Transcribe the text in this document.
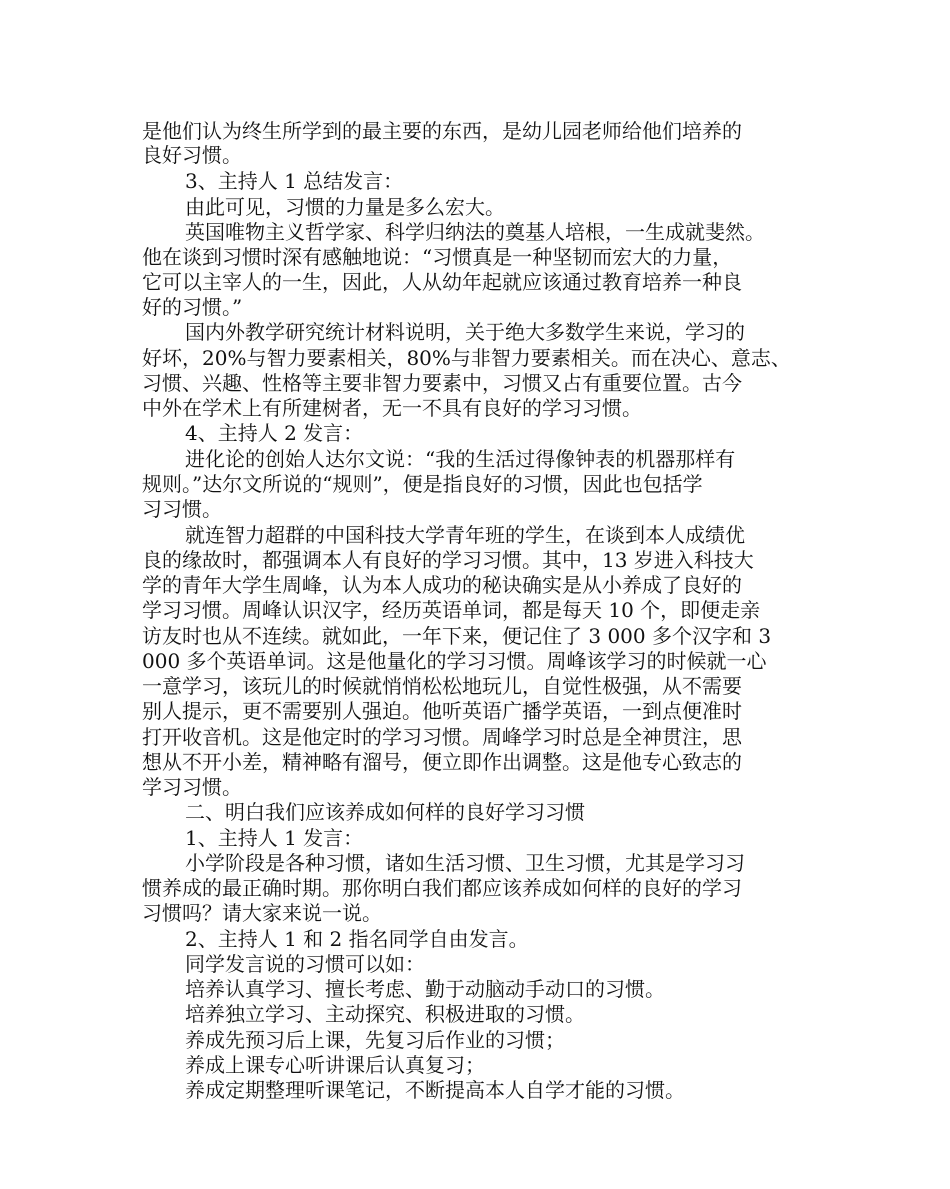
是他们认为终生所学到的最主要的东西，是幼儿园老师给他们培养的
良好习惯。
3、主持人 1 总结发言：
由此可见，习惯的力量是多么宏大。
英国唯物主义哲学家、科学归纳法的奠基人培根，一生成就斐然。
他在谈到习惯时深有感触地说：“习惯真是一种坚韧而宏大的力量，
它可以主宰人的一生，因此，人从幼年起就应该通过教育培养一种良
好的习惯。”
国内外教学研究统计材料说明，关于绝大多数学生来说，学习的
好坏，20%与智力要素相关，80%与非智力要素相关。而在决心、意志、
习惯、兴趣、性格等主要非智力要素中，习惯又占有重要位置。古今
中外在学术上有所建树者，无一不具有良好的学习习惯。
4、主持人 2 发言：
进化论的创始人达尔文说：“我的生活过得像钟表的机器那样有
规则。”达尔文所说的“规则”，便是指良好的习惯，因此也包括学
习习惯。
就连智力超群的中国科技大学青年班的学生，在谈到本人成绩优
良的缘故时，都强调本人有良好的学习习惯。其中，13 岁进入科技大
学的青年大学生周峰，认为本人成功的秘诀确实是从小养成了良好的
学习习惯。周峰认识汉字，经历英语单词，都是每天 10 个，即便走亲
访友时也从不连续。就如此，一年下来，便记住了 3 000 多个汉字和 3
000 多个英语单词。这是他量化的学习习惯。周峰该学习的时候就一心
一意学习，该玩儿的时候就悄悄松松地玩儿，自觉性极强，从不需要
别人提示，更不需要别人强迫。他听英语广播学英语，一到点便准时
打开收音机。这是他定时的学习习惯。周峰学习时总是全神贯注，思
想从不开小差，精神略有溜号，便立即作出调整。这是他专心致志的
学习习惯。
二、明白我们应该养成如何样的良好学习习惯
1、主持人 1 发言：
小学阶段是各种习惯，诸如生活习惯、卫生习惯，尤其是学习习
惯养成的最正确时期。那你明白我们都应该养成如何样的良好的学习
习惯吗？请大家来说一说。
2、主持人 1 和 2 指名同学自由发言。
同学发言说的习惯可以如：
培养认真学习、擅长考虑、勤于动脑动手动口的习惯。
培养独立学习、主动探究、积极进取的习惯。
养成先预习后上课，先复习后作业的习惯；
养成上课专心听讲课后认真复习；
养成定期整理听课笔记，不断提高本人自学才能的习惯。
